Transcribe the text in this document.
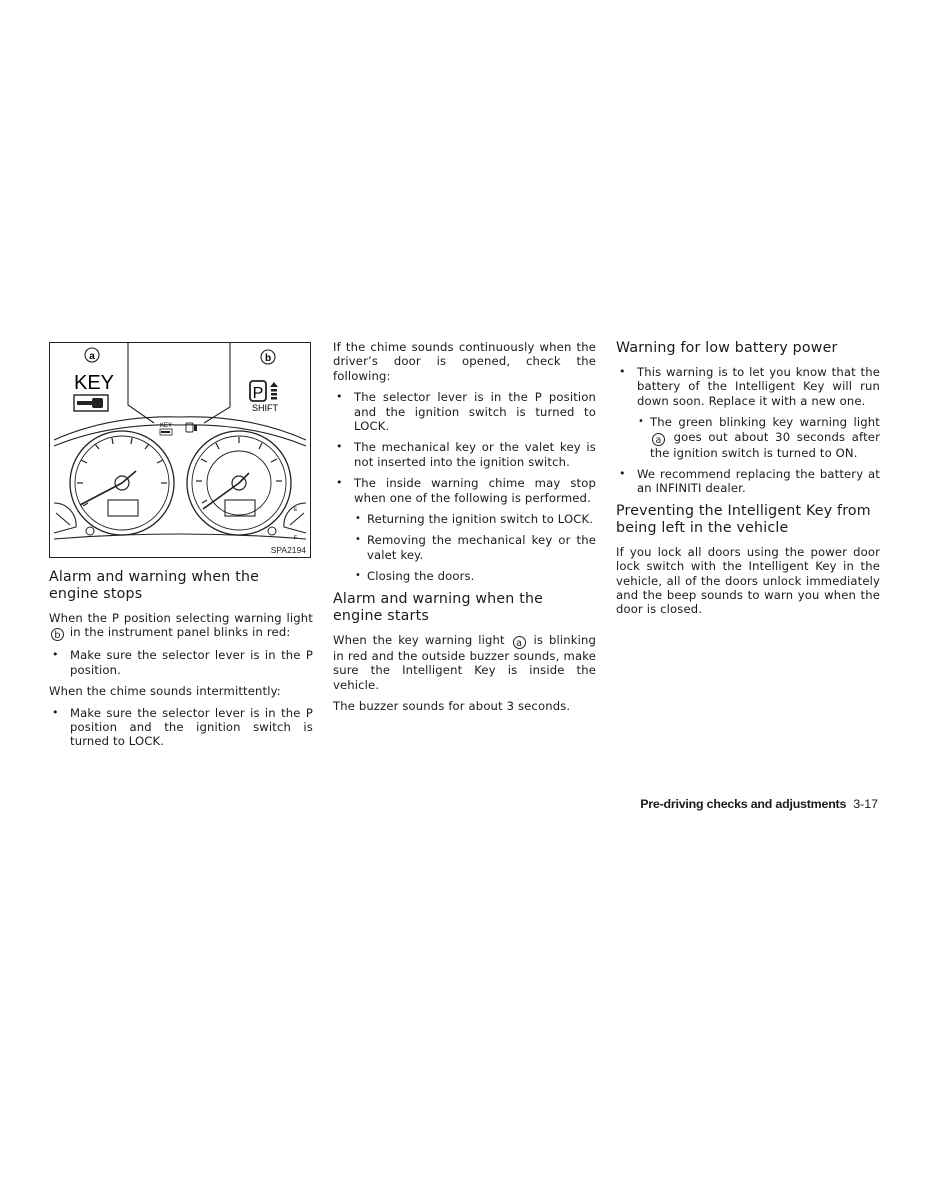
a	b
KEY	P
SHIFT
KEY
E
F
SPA2194
Alarm and warning when the engine stops

When the P position selecting warning light b in the instrument panel blinks in red:

• Make sure the selector lever is in the P position.

When the chime sounds intermittently:

• Make sure the selector lever is in the P position and the ignition switch is turned to LOCK.

If the chime sounds continuously when the driver’s door is opened, check the following:

• The selector lever is in the P position and the ignition switch is turned to LOCK.
• The mechanical key or the valet key is not inserted into the ignition switch.
• The inside warning chime may stop when one of the following is performed.
• Returning the ignition switch to LOCK.
• Removing the mechanical key or the valet key.
• Closing the doors.
Alarm and warning when the engine starts

When the key warning light a is blinking in red and the outside buzzer sounds, make sure the Intelligent Key is inside the vehicle.

The buzzer sounds for about 3 seconds.

Warning for low battery power
• This warning is to let you know that the battery of the Intelligent Key will run down soon. Replace it with a new one.
• The green blinking key warning light a goes out about 30 seconds after the ignition switch is turned to ON.
• We recommend replacing the battery at an INFINITI dealer.
Preventing the Intelligent Key from being left in the vehicle

If you lock all doors using the power door lock switch with the Intelligent Key in the vehicle, all of the doors unlock immediately and the beep sounds to warn you when the door is closed.

Pre-driving checks and adjustments 3-17
